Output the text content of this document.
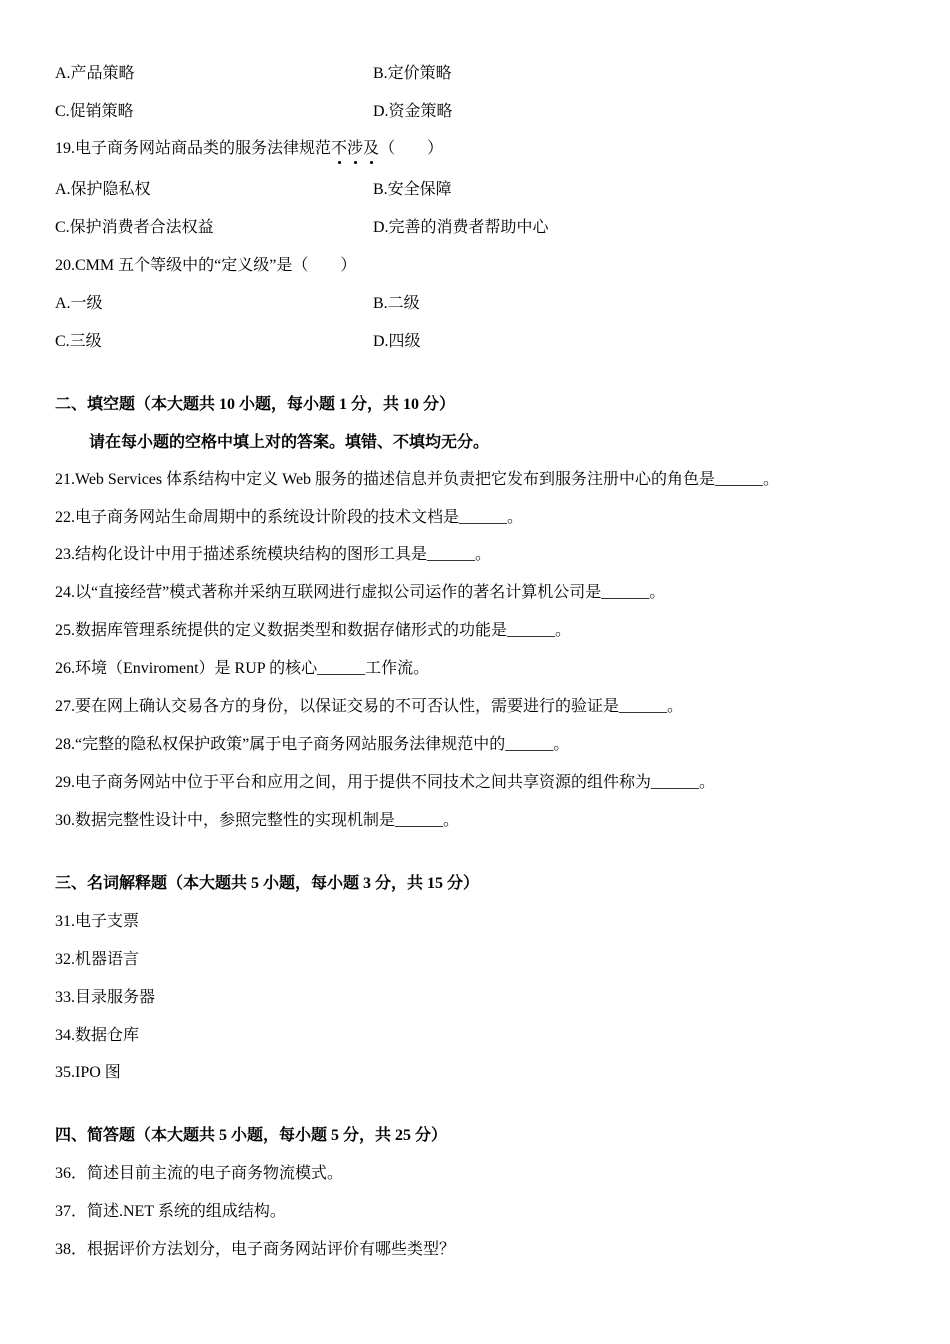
A.产品策略	B.定价策略
C.促销策略	D.资金策略
19.电子商务网站商品类的服务法律规范不涉及（　　）
A.保护隐私权	B.安全保障
C.保护消费者合法权益	D.完善的消费者帮助中心
20.CMM 五个等级中的“定义级”是（　　）
A.一级	B.二级
C.三级	D.四级
二、填空题（本大题共 10 小题，每小题 1 分，共 10 分）
请在每小题的空格中填上对的答案。填错、不填均无分。
21.Web Services 体系结构中定义 Web 服务的描述信息并负责把它发布到服务注册中心的角色是______。
22.电子商务网站生命周期中的系统设计阶段的技术文档是______。
23.结构化设计中用于描述系统模块结构的图形工具是______。
24.以“直接经营”模式著称并采纳互联网进行虚拟公司运作的著名计算机公司是______。
25.数据库管理系统提供的定义数据类型和数据存储形式的功能是______。
26.环境（Enviroment）是 RUP 的核心______工作流。
27.要在网上确认交易各方的身份，以保证交易的不可否认性，需要进行的验证是______。
28.“完整的隐私权保护政策”属于电子商务网站服务法律规范中的______。
29.电子商务网站中位于平台和应用之间，用于提供不同技术之间共享资源的组件称为______。
30.数据完整性设计中，参照完整性的实现机制是______。
三、名词解释题（本大题共 5 小题，每小题 3 分，共 15 分）
31.电子支票
32.机器语言
33.目录服务器
34.数据仓库
35.IPO 图
四、简答题（本大题共 5 小题，每小题 5 分，共 25 分）
36．简述目前主流的电子商务物流模式。
37．简述.NET 系统的组成结构。
38．根据评价方法划分，电子商务网站评价有哪些类型？
